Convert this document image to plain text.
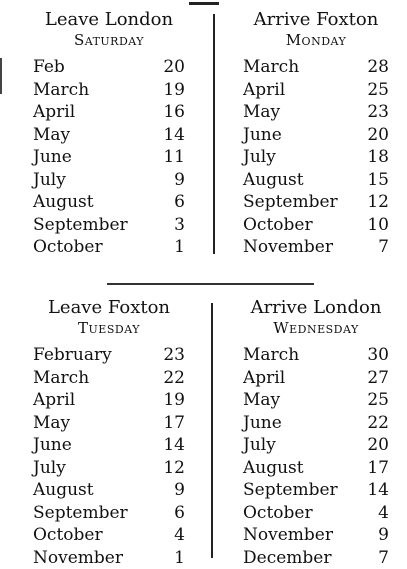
Leave London
Saturday
Feb	20
March	19
April	16
May	14
June	11
July	9
August	6
September	3
October	1
Arrive Foxton
Monday
March	28
April	25
May	23
June	20
July	18
August	15
September 12
October	10
November	7
Leave Foxton
Tuesday
February	23
March	22
April	19
May	17
June	14
July	12
August	9
September	6
October	4
November	1
Arrive London
Wednesday
March	30
April	27
May	25
June	22
July	20
August	17
September 14
October	4
November	9
December	7
